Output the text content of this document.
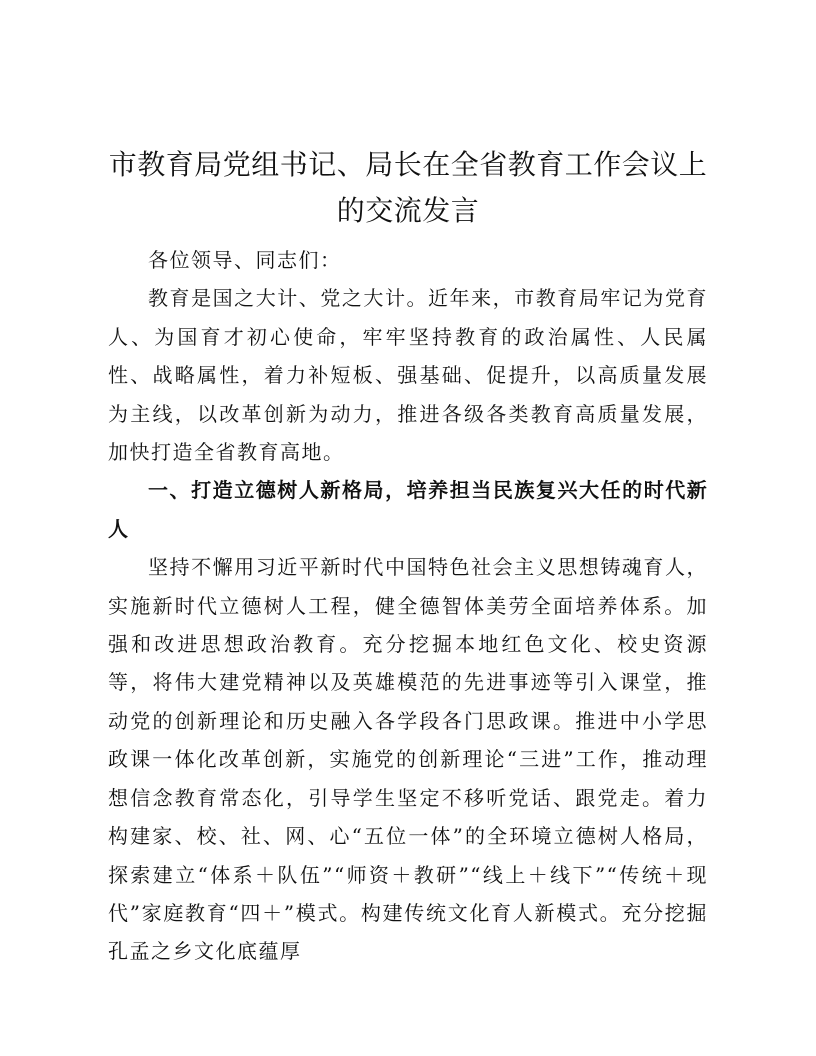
市教育局党组书记、局长在全省教育工作会议上的交流发言

各位领导、同志们：

教育是国之大计、党之大计。近年来，市教育局牢记为党育人、为国育才初心使命，牢牢坚持教育的政治属性、人民属性、战略属性，着力补短板、强基础、促提升，以高质量发展为主线，以改革创新为动力，推进各级各类教育高质量发展，加快打造全省教育高地。

一、打造立德树人新格局，培养担当民族复兴大任的时代新人

坚持不懈用习近平新时代中国特色社会主义思想铸魂育人，实施新时代立德树人工程，健全德智体美劳全面培养体系。加强和改进思想政治教育。充分挖掘本地红色文化、校史资源等，将伟大建党精神以及英雄模范的先进事迹等引入课堂，推动党的创新理论和历史融入各学段各门思政课。推进中小学思政课一体化改革创新，实施党的创新理论“三进”工作，推动理想信念教育常态化，引导学生坚定不移听党话、跟党走。着力构建家、校、社、网、心“五位一体”的全环境立德树人格局，探索建立“体系＋队伍”“师资＋教研”“线上＋线下”“传统＋现代”家庭教育“四＋”模式。构建传统文化育人新模式。充分挖掘孔孟之乡文化底蕴厚
